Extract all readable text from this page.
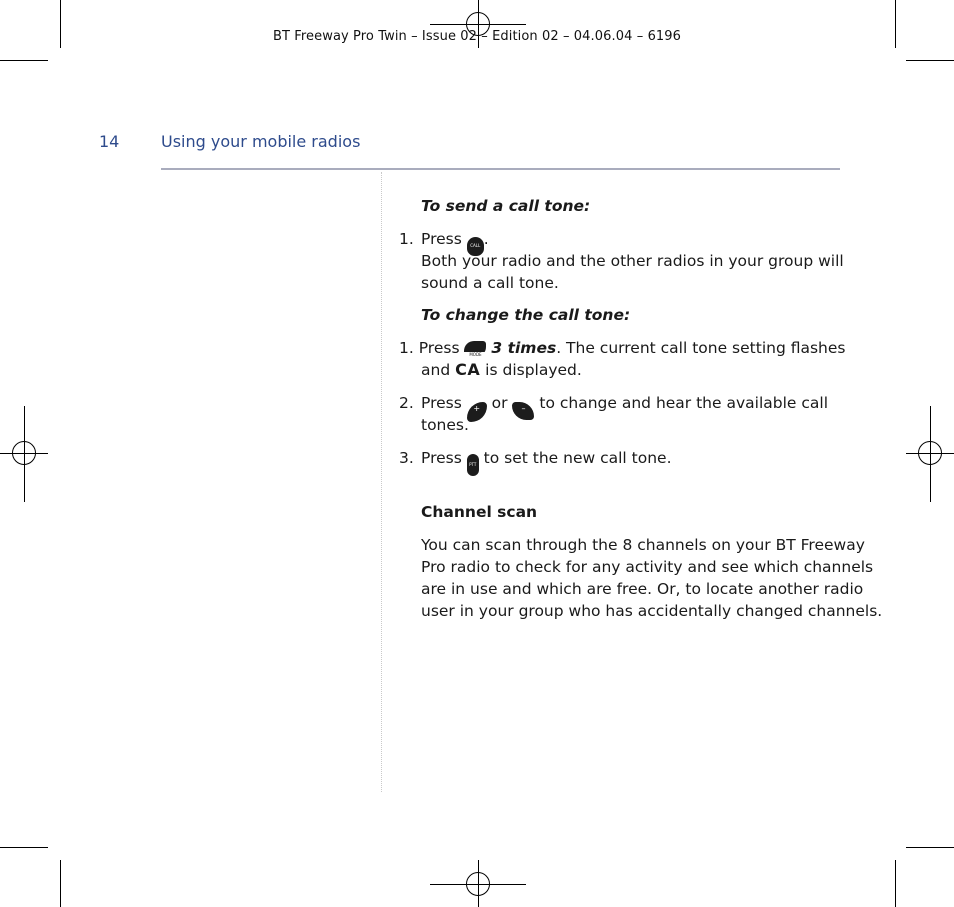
BT Freeway Pro Twin – Issue 02 – Edition 02 – 04.06.04 – 6196
14	Using your mobile radios
To send a call tone:
1. Press CALL .
Both your radio and the other radios in your group will
sound a call tone.
To change the call tone:
1. Press MODE 3 times. The current call tone setting flashes
and CA is displayed.
2. Press + or – to change and hear the available call
tones.
3. Press PTT to set the new call tone.
Channel scan
You can scan through the 8 channels on your BT Freeway
Pro radio to check for any activity and see which channels
are in use and which are free. Or, to locate another radio
user in your group who has accidentally changed channels.
